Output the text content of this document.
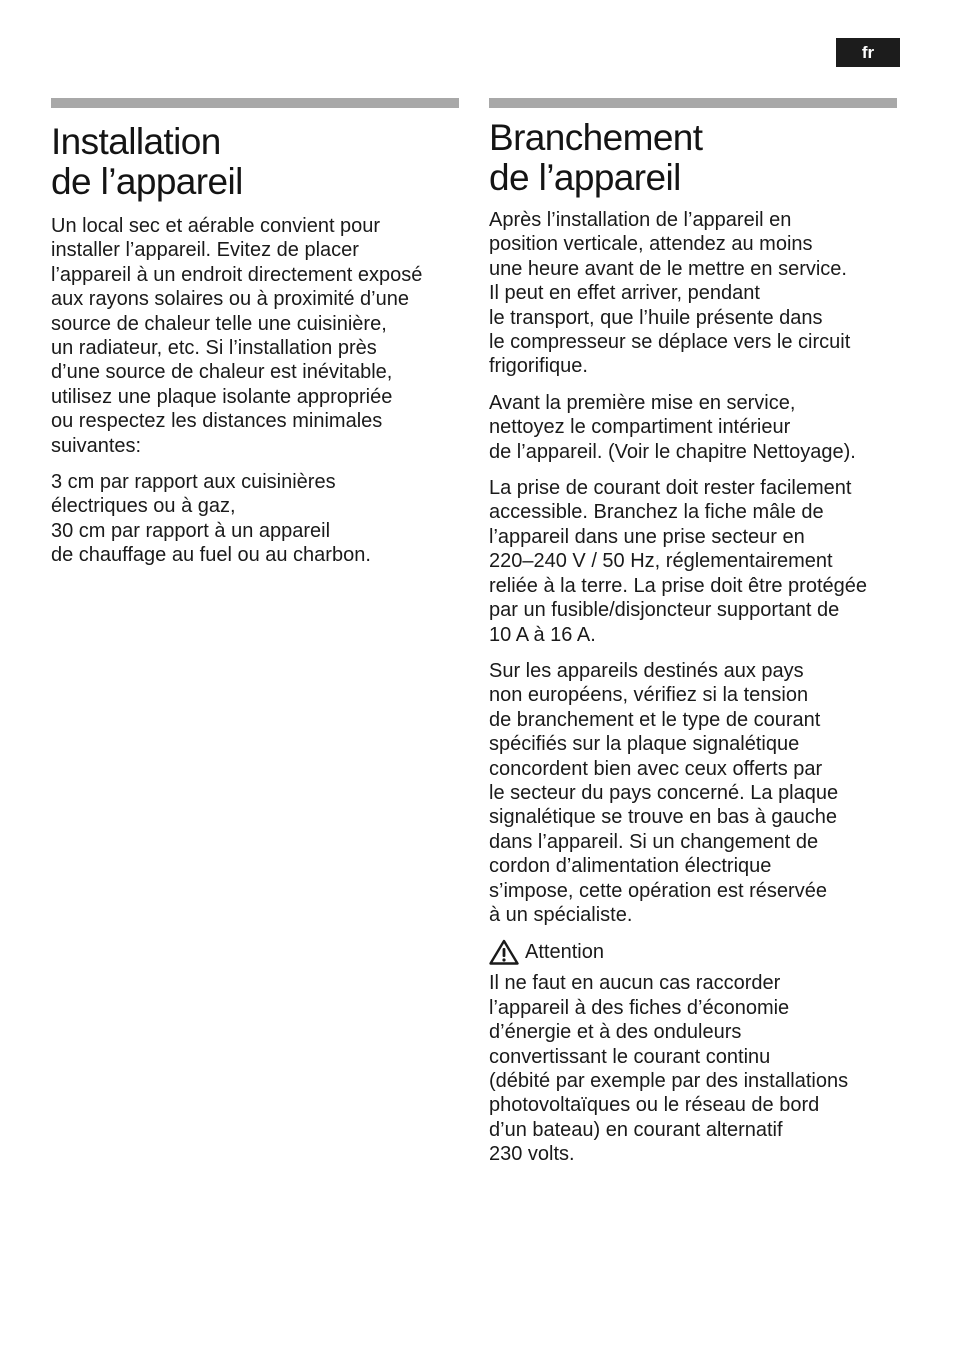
fr
Installation
de l’appareil

Un local sec et aérable convient pour
installer l’appareil. Evitez de placer
l’appareil à un endroit directement exposé
aux rayons solaires ou à proximité d’une
source de chaleur telle une cuisinière,
un radiateur, etc. Si l’installation près
d’une source de chaleur est inévitable,
utilisez une plaque isolante appropriée
ou respectez les distances minimales
suivantes:

3 cm par rapport aux cuisinières
électriques ou à gaz,
30 cm par rapport à un appareil
de chauffage au fuel ou au charbon.

Branchement
de l’appareil

Après l’installation de l’appareil en
position verticale, attendez au moins
une heure avant de le mettre en service.
Il peut en effet arriver, pendant
le transport, que l’huile présente dans
le compresseur se déplace vers le circuit
frigorifique.

Avant la première mise en service,
nettoyez le compartiment intérieur
de l’appareil. (Voir le chapitre Nettoyage).

La prise de courant doit rester facilement
accessible. Branchez la fiche mâle de
l’appareil dans une prise secteur en
220–240 V / 50 Hz, réglementairement
reliée à la terre. La prise doit être protégée
par un fusible/disjoncteur supportant de
10 A à 16 A.

Sur les appareils destinés aux pays
non européens, vérifiez si la tension
de branchement et le type de courant
spécifiés sur la plaque signalétique
concordent bien avec ceux offerts par
le secteur du pays concerné. La plaque
signalétique se trouve en bas à gauche
dans l’appareil. Si un changement de
cordon d’alimentation électrique
s’impose, cette opération est réservée
à un spécialiste.

Attention

Il ne faut en aucun cas raccorder
l’appareil à des fiches d’économie
d’énergie et à des onduleurs
convertissant le courant continu
(débité par exemple par des installations
photovoltaïques ou le réseau de bord
d’un bateau) en courant alternatif
230 volts.
